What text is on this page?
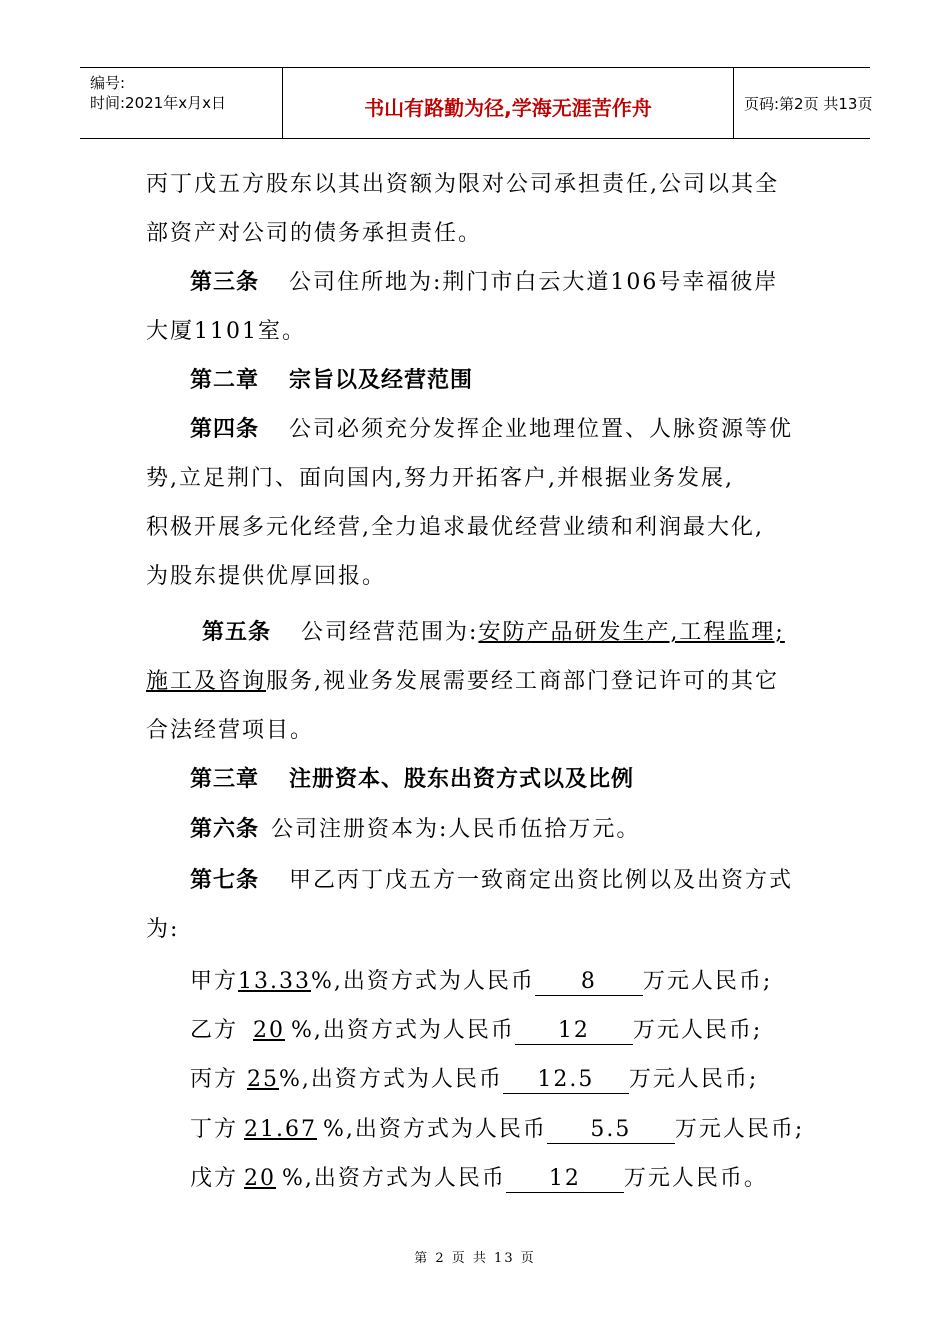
编号:
时间:2021年x月x日	书山有路勤为径,学海无涯苦作舟	页码:第2页 共13页
丙丁戊五方股东以其出资额为限对公司承担责任,公司以其全
部资产对公司的债务承担责任。
第三条 公司住所地为:荆门市白云大道106号幸福彼岸
大厦1101室。
第二章 宗旨以及经营范围
第四条 公司必须充分发挥企业地理位置、人脉资源等优
势,立足荆门、面向国内,努力开拓客户,并根据业务发展,
积极开展多元化经营,全力追求最优经营业绩和利润最大化,
为股东提供优厚回报。
第五条 公司经营范围为:安防产品研发生产,工程监理;
施工及咨询服务,视业务发展需要经工商部门登记许可的其它
合法经营项目。
第三章 注册资本、股东出资方式以及比例
第六条 公司注册资本为:人民币伍拾万元。
第七条 甲乙丙丁戊五方一致商定出资比例以及出资方式
为:
甲方13.33%,出资方式为人民币 8 万元人民币;
乙方 20 %,出资方式为人民币 12 万元人民币;
丙方 25%,出资方式为人民币 12.5 万元人民币;
丁方 21.67 %,出资方式为人民币 5.5 万元人民币;
戊方 20 %,出资方式为人民币 12 万元人民币。
第 2 页 共 13 页
